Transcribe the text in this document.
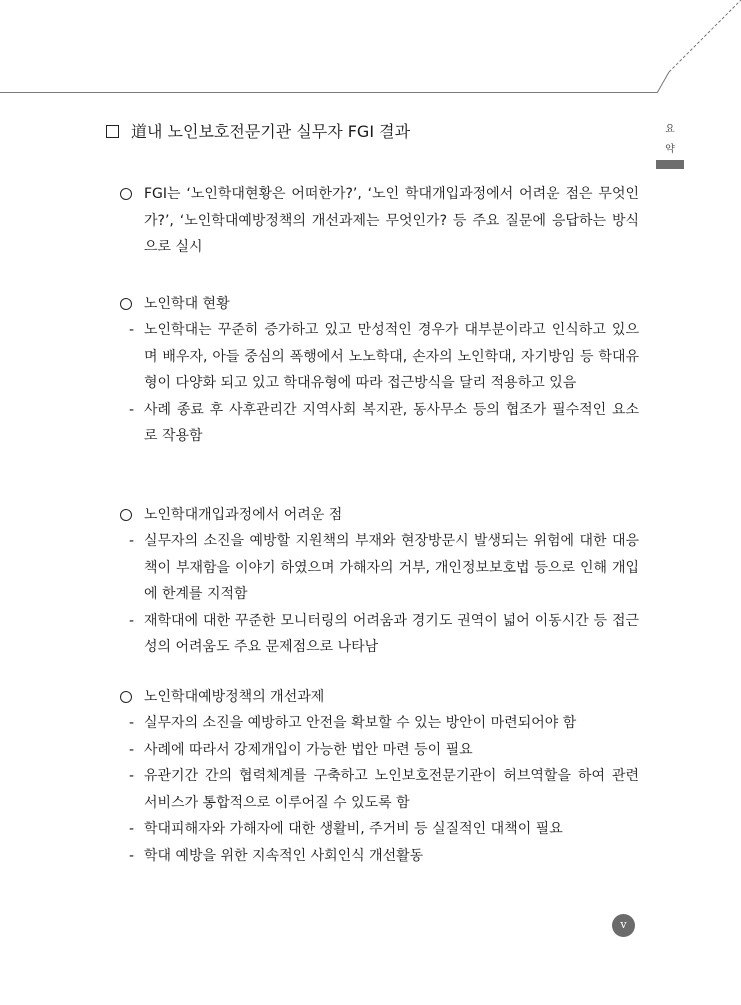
요
약
道내 노인보호전문기관 실무자 FGI 결과
FGI는 ‘노인학대현황은 어떠한가?’, ‘노인 학대개입과정에서 어려운 점은 무엇인가?’, ‘노인학대예방정책의 개선과제는 무엇인가? 등 주요 질문에 응답하는 방식으로 실시
노인학대 현황
- 노인학대는 꾸준히 증가하고 있고 만성적인 경우가 대부분이라고 인식하고 있으며 배우자, 아들 중심의 폭행에서 노노학대, 손자의 노인학대, 자기방임 등 학대유형이 다양화 되고 있고 학대유형에 따라 접근방식을 달리 적용하고 있음
- 사례 종료 후 사후관리간 지역사회 복지관, 동사무소 등의 협조가 필수적인 요소로 작용함
노인학대개입과정에서 어려운 점
- 실무자의 소진을 예방할 지원책의 부재와 현장방문시 발생되는 위험에 대한 대응책이 부재함을 이야기 하였으며 가해자의 거부, 개인정보보호법 등으로 인해 개입에 한계를 지적함
- 재학대에 대한 꾸준한 모니터링의 어려움과 경기도 권역이 넓어 이동시간 등 접근성의 어려움도 주요 문제점으로 나타남
노인학대예방정책의 개선과제
- 실무자의 소진을 예방하고 안전을 확보할 수 있는 방안이 마련되어야 함
- 사례에 따라서 강제개입이 가능한 법안 마련 등이 필요
- 유관기간 간의 협력체계를 구축하고 노인보호전문기관이 허브역할을 하여 관련 서비스가 통합적으로 이루어질 수 있도록 함
- 학대피해자와 가해자에 대한 생활비, 주거비 등 실질적인 대책이 필요
- 학대 예방을 위한 지속적인 사회인식 개선활동
v
